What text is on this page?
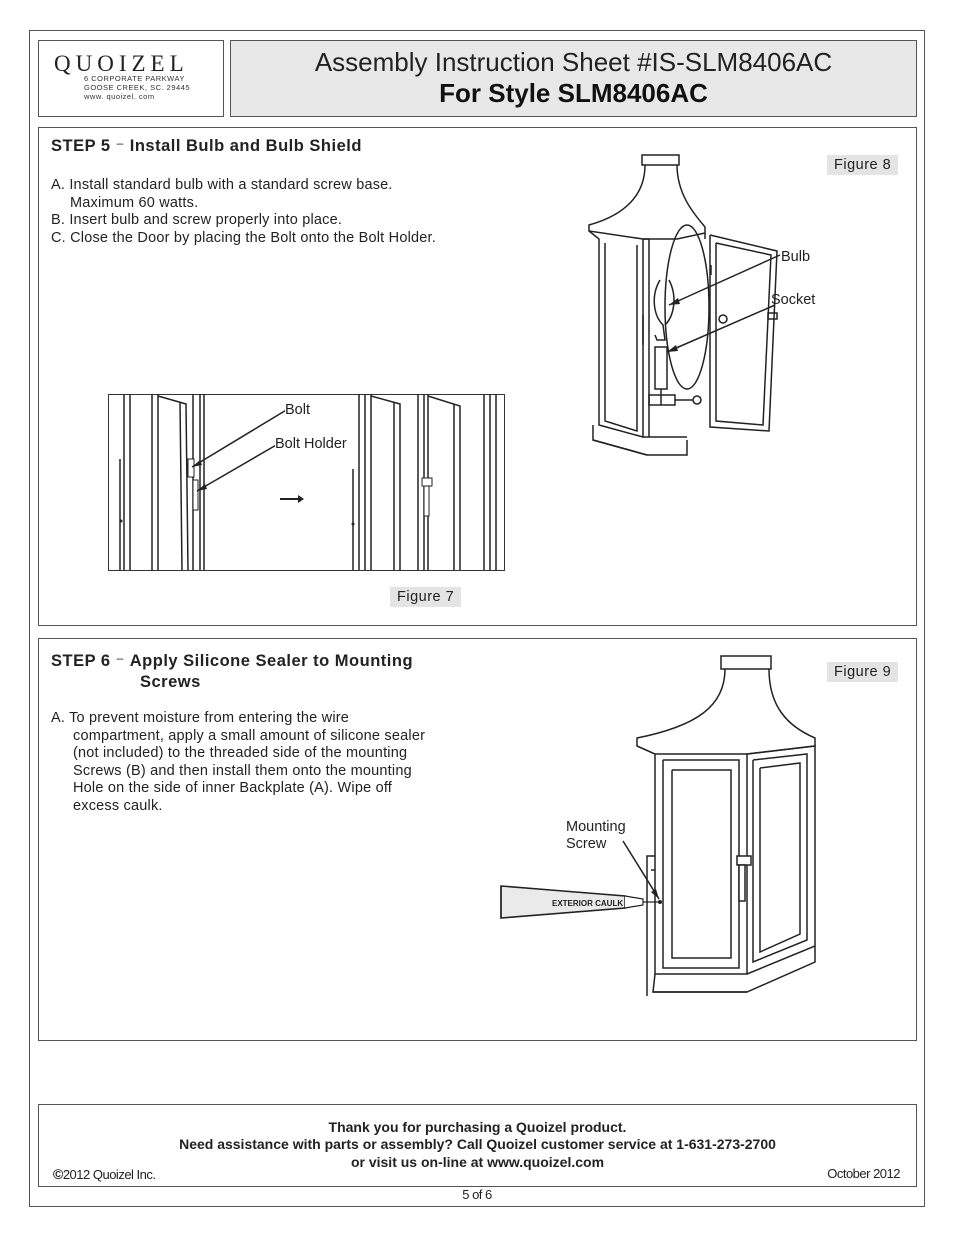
QUOIZEL
6 CORPORATE PARKWAY
GOOSE CREEK, SC. 29445
www. quoizel. com
Assembly Instruction Sheet #IS-SLM8406AC
For Style SLM8406AC
STEP 5 – Install Bulb and Bulb Shield
A. Install standard bulb with a standard screw base.
Maximum 60 watts.
B. Insert bulb and screw properly into place.
C. Close the Door by placing the Bolt onto the Bolt Holder.
Figure 8
Figure 7
Bolt
Bolt Holder
Bulb
Socket
STEP 6 – Apply Silicone Sealer to Mounting
Screws
A. To prevent moisture from entering the wire
compartment, apply a small amount of silicone sealer
(not included) to the threaded side of the mounting
Screws (B) and then install them onto the mounting
Hole on the side of inner Backplate (A). Wipe off
excess caulk.
Figure 9
EXTERIOR CAULK
Mounting
Screw
Thank you for purchasing a Quoizel product.
Need assistance with parts or assembly? Call Quoizel customer service at 1-631-273-2700
or visit us on-line at www.quoizel.com
©2012 Quoizel Inc.	October 2012
5 of 6
